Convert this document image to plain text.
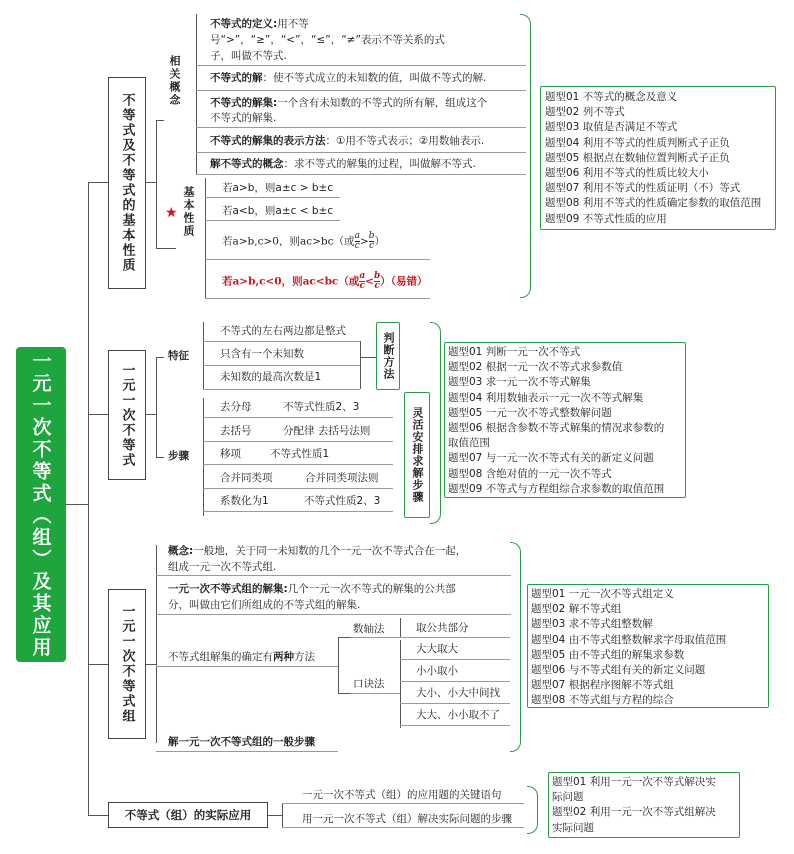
一元一次不等式（组）及其应用
不等式及不等式的基本性质
相关概念
不等式的定义:用不等
号“>”，“≥”，“<”，“≤”，“≠”表示不等关系的式
子，叫做不等式.
不等式的解：使不等式成立的未知数的值，叫做不等式的解.
不等式的解集:一个含有未知数的不等式的所有解，组成这个
不等式的解集.
不等式的解集的表示方法：①用不等式表示；②用数轴表示.
解不等式的概念：求不等式的解集的过程，叫做解不等式.
★ 基本性质	若a>b，则a±c > b±c
若a<b，则a±c < b±c
若a>b,c>0，则ac>bc（或 $\frac{a}{c} > \frac{b}{c}$ ）
若a>b,c<0，则ac<bc（或 $\frac{a}{c} < \frac{b}{c}$ ）（易错）
题型01 不等式的概念及意义
题型02 列不等式
题型03 取值是否满足不等式
题型04 利用不等式的性质判断式子正负
题型05 根据点在数轴位置判断式子正负
题型06 利用不等式的性质比较大小
题型07 利用不等式的性质证明（不）等式
题型08 利用不等式的性质确定参数的取值范围
题型09 不等式性质的应用
一元一次不等式
特征
不等式的左右两边都是整式
只含有一个未知数
未知数的最高次数是1	判断方法
步骤
去分母	不等式性质2、3
去括号	分配律 去括号法则
移项	不等式性质1
合并同类项	合并同类项法则
系数化为1	不等式性质2、3	灵活安排求解步骤
题型01 判断一元一次不等式
题型02 根据一元一次不等式求参数值
题型03 求一元一次不等式解集
题型04 利用数轴表示一元一次不等式解集
题型05 一元一次不等式整数解问题
题型06 根据含参数不等式解集的情况求参数的
取值范围
题型07 与一元一次不等式有关的新定义问题
题型08 含绝对值的一元一次不等式
题型09 不等式与方程组综合求参数的取值范围
一元一次不等式组
概念:一般地，关于同一未知数的几个一元一次不等式合在一起，
组成一元一次不等式组.
一元一次不等式组的解集:几个一元一次不等式的解集的公共部
分，叫做由它们所组成的不等式组的解集.
不等式组解集的确定有两种方法
数轴法	取公共部分
口诀法
大大取大
小小取小
大小、小大中间找
大大、小小取不了
解一元一次不等式组的一般步骤
题型01 一元一次不等式组定义
题型02 解不等式组
题型03 求不等式组整数解
题型04 由不等式组整数解求字母取值范围
题型05 由不等式组的解集求参数
题型06 与不等式组有关的新定义问题
题型07 根据程序图解不等式组
题型08 不等式组与方程的综合
不等式（组）的实际应用
一元一次不等式（组）的应用题的关键语句
用一元一次不等式（组）解决实际问题的步骤
题型01 利用一元一次不等式解决实
际问题
题型02 利用一元一次不等式组解决
实际问题
